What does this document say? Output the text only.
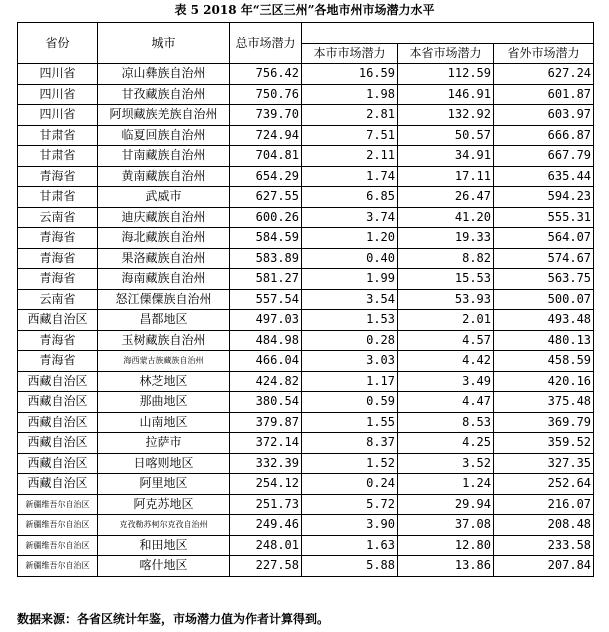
表 5 2018 年“三区三州”各地市州市场潜力水平
省份	城市	总市场潜力			
			本市市场潜力	本省市场潜力	省外市场潜力
四川省	凉山彝族自治州	756.42	16.59	112.59	627.24
四川省	甘孜藏族自治州	750.76	1.98	146.91	601.87
四川省	阿坝藏族羌族自治州	739.70	2.81	132.92	603.97
甘肃省	临夏回族自治州	724.94	7.51	50.57	666.87
甘肃省	甘南藏族自治州	704.81	2.11	34.91	667.79
青海省	黄南藏族自治州	654.29	1.74	17.11	635.44
甘肃省	武威市	627.55	6.85	26.47	594.23
云南省	迪庆藏族自治州	600.26	3.74	41.20	555.31
青海省	海北藏族自治州	584.59	1.20	19.33	564.07
青海省	果洛藏族自治州	583.89	0.40	8.82	574.67
青海省	海南藏族自治州	581.27	1.99	15.53	563.75
云南省	怒江傈僳族自治州	557.54	3.54	53.93	500.07
西藏自治区	昌都地区	497.03	1.53	2.01	493.48
青海省	玉树藏族自治州	484.98	0.28	4.57	480.13
青海省	海西蒙古族藏族自治州	466.04	3.03	4.42	458.59
西藏自治区	林芝地区	424.82	1.17	3.49	420.16
西藏自治区	那曲地区	380.54	0.59	4.47	375.48
西藏自治区	山南地区	379.87	1.55	8.53	369.79
西藏自治区	拉萨市	372.14	8.37	4.25	359.52
西藏自治区	日喀则地区	332.39	1.52	3.52	327.35
西藏自治区	阿里地区	254.12	0.24	1.24	252.64
新疆维吾尔自治区	阿克苏地区	251.73	5.72	29.94	216.07
新疆维吾尔自治区	克孜勒苏柯尔克孜自治州	249.46	3.90	37.08	208.48
新疆维吾尔自治区	和田地区	248.01	1.63	12.80	233.58
新疆维吾尔自治区	喀什地区	227.58	5.88	13.86	207.84
数据来源：各省区统计年鉴，市场潜力值为作者计算得到。
